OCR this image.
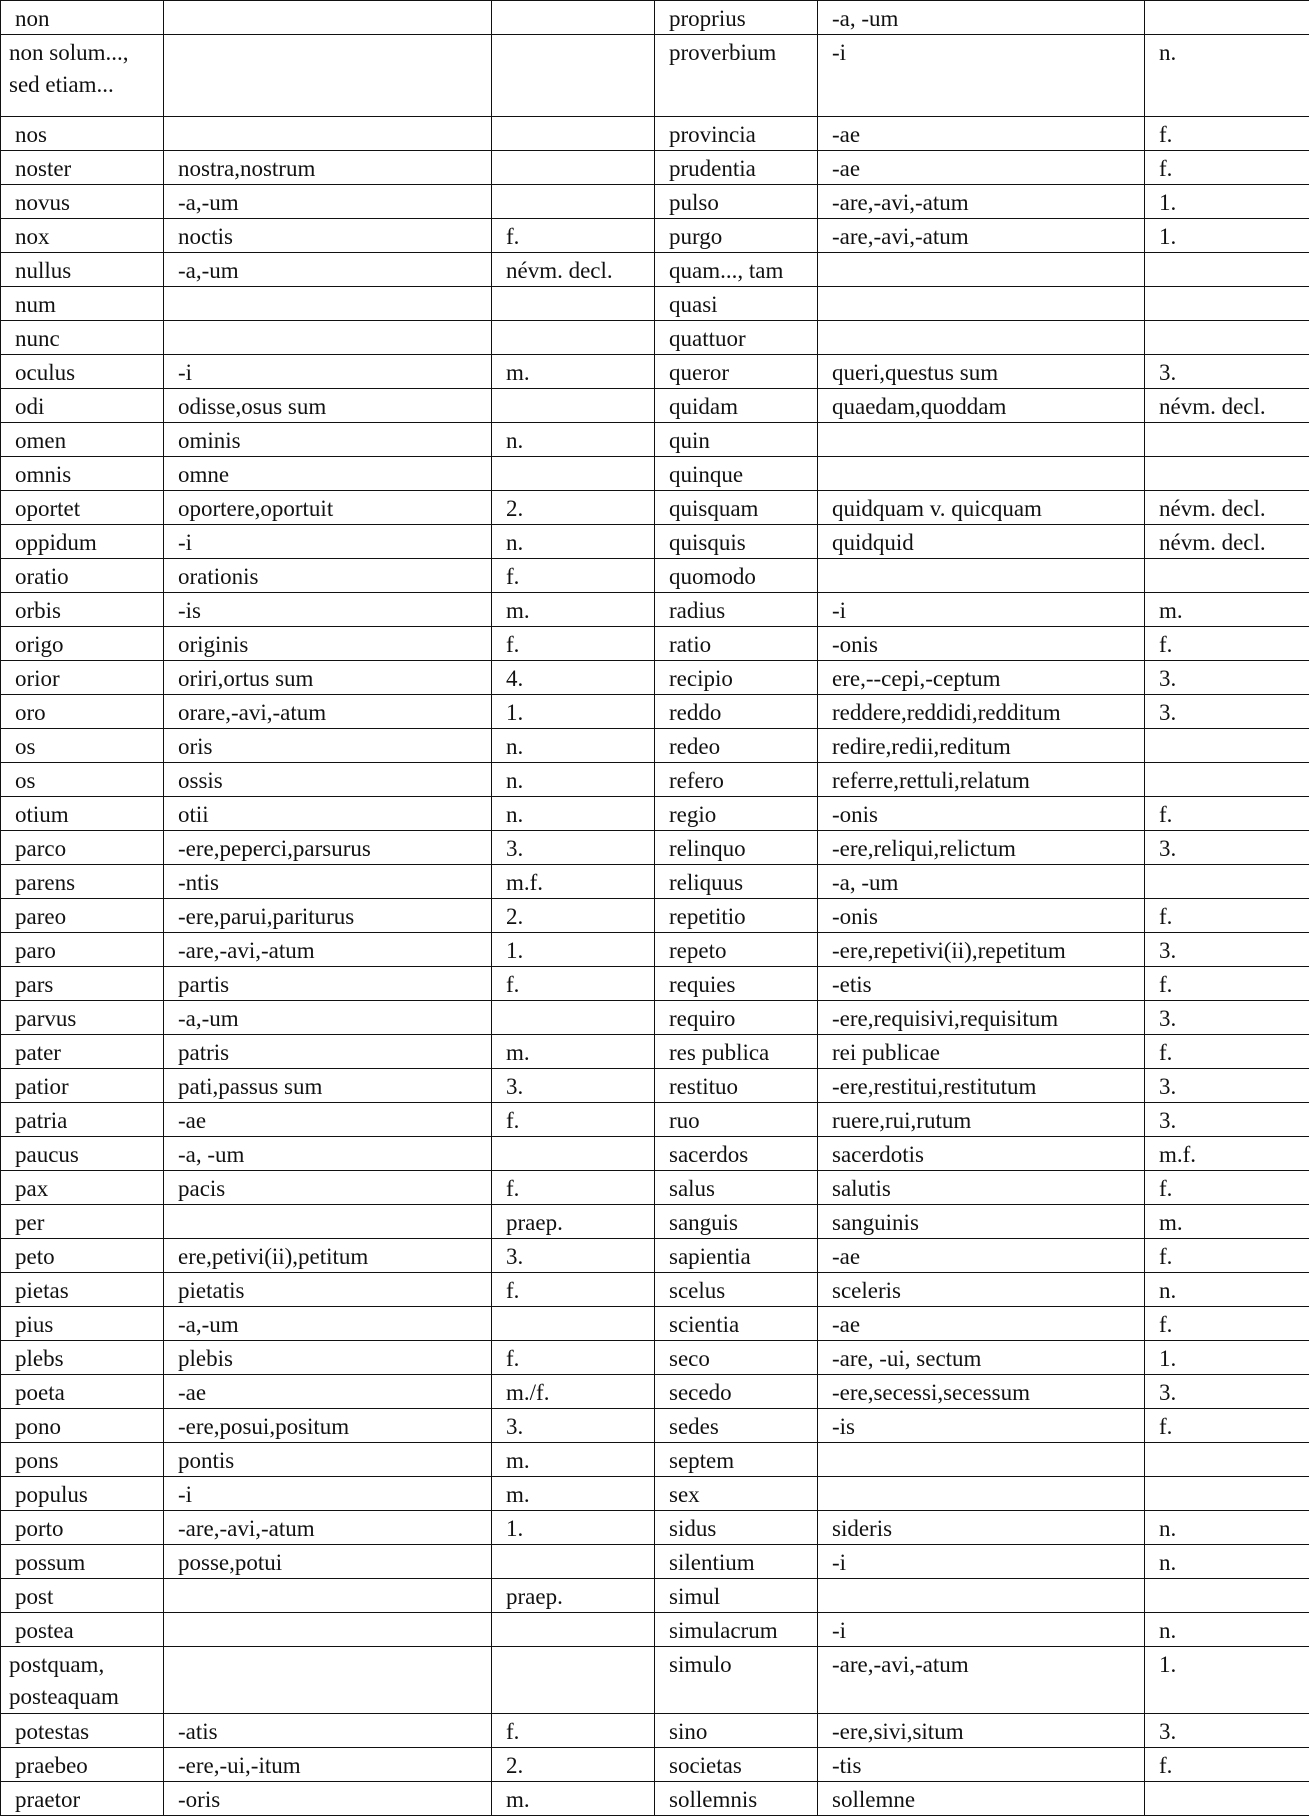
non			proprius	-a, -um	
non solum..., sed etiam...			proverbium	-i	n.
nos			provincia	-ae	f.
noster	nostra,nostrum		prudentia	-ae	f.
novus	-a,-um		pulso	-are,-avi,-atum	1.
nox	noctis	f.	purgo	-are,-avi,-atum	1.
nullus	-a,-um	névm. decl.	quam..., tam		
num			quasi		
nunc			quattuor		
oculus	-i	m.	queror	queri,questus sum	3.
odi	odisse,osus sum		quidam	quaedam,quoddam	névm. decl.
omen	ominis	n.	quin		
omnis	omne		quinque		
oportet	oportere,oportuit	2.	quisquam	quidquam v. quicquam	névm. decl.
oppidum	-i	n.	quisquis	quidquid	névm. decl.
oratio	orationis	f.	quomodo		
orbis	-is	m.	radius	-i	m.
origo	originis	f.	ratio	-onis	f.
orior	oriri,ortus sum	4.	recipio	ere,--cepi,-ceptum	3.
oro	orare,-avi,-atum	1.	reddo	reddere,reddidi,redditum	3.
os	oris	n.	redeo	redire,redii,reditum	
os	ossis	n.	refero	referre,rettuli,relatum	
otium	otii	n.	regio	-onis	f.
parco	-ere,peperci,parsurus	3.	relinquo	-ere,reliqui,relictum	3.
parens	-ntis	m.f.	reliquus	-a, -um	
pareo	-ere,parui,pariturus	2.	repetitio	-onis	f.
paro	-are,-avi,-atum	1.	repeto	-ere,repetivi(ii),repetitum	3.
pars	partis	f.	requies	-etis	f.
parvus	-a,-um		requiro	-ere,requisivi,requisitum	3.
pater	patris	m.	res publica	rei publicae	f.
patior	pati,passus sum	3.	restituo	-ere,restitui,restitutum	3.
patria	-ae	f.	ruo	ruere,rui,rutum	3.
paucus	-a, -um		sacerdos	sacerdotis	m.f.
pax	pacis	f.	salus	salutis	f.
per		praep.	sanguis	sanguinis	m.
peto	ere,petivi(ii),petitum	3.	sapientia	-ae	f.
pietas	pietatis	f.	scelus	sceleris	n.
pius	-a,-um		scientia	-ae	f.
plebs	plebis	f.	seco	-are, -ui, sectum	1.
poeta	-ae	m./f.	secedo	-ere,secessi,secessum	3.
pono	-ere,posui,positum	3.	sedes	-is	f.
pons	pontis	m.	septem		
populus	-i	m.	sex		
porto	-are,-avi,-atum	1.	sidus	sideris	n.
possum	posse,potui		silentium	-i	n.
post		praep.	simul		
postea			simulacrum	-i	n.
postquam, posteaquam			simulo	-are,-avi,-atum	1.
potestas	-atis	f.	sino	-ere,sivi,situm	3.
praebeo	-ere,-ui,-itum	2.	societas	-tis	f.
praetor	-oris	m.	sollemnis	sollemne	
